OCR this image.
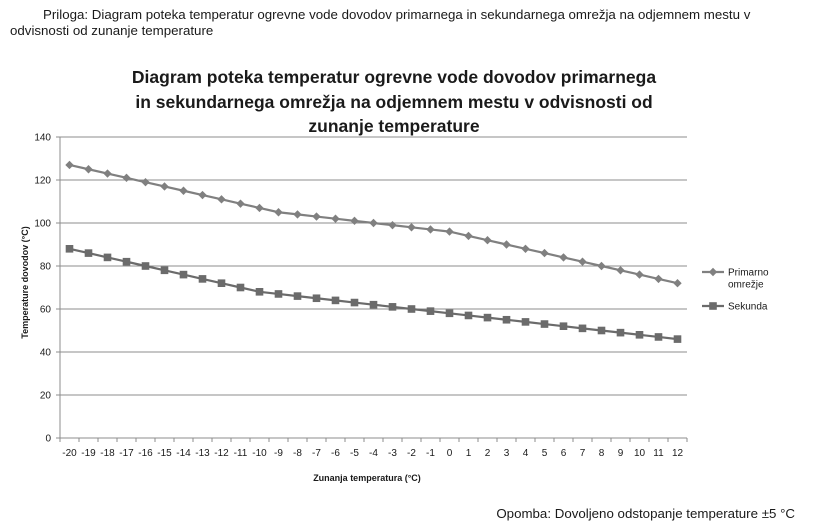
Priloga: Diagram poteka temperatur ogrevne vode dovodov primarnega in sekundarnega omrežja na odjemnem mestu v odvisnosti od zunanje temperature
Diagram poteka temperatur ogrevne vode dovodov primarnega
in sekundarnega omrežja na odjemnem mestu v odvisnosti od
zunanje temperature
0
20
40
60
80
100
120
140
-20 -19 -18 -17 -16 -15 -14 -13 -12 -11 -10 -9 -8 -7 -6 -5 -4 -3 -2 -1 0 1 2 3 4 5 6 7 8 9 10 11 12
Primarno
omrežje
Sekunda
Zunanja temperatura (°C)
Temperature dovodov (°C)
Opomba: Dovoljeno odstopanje temperature ±5 °C
